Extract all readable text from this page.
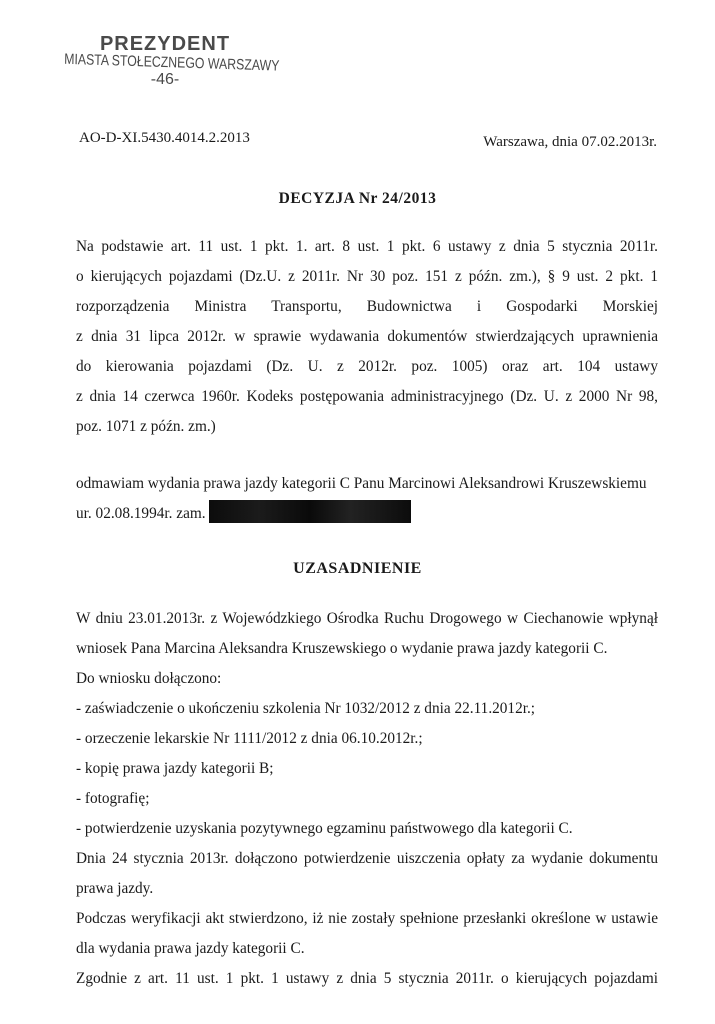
PREZYDENT
MIASTA STOŁECZNEGO WARSZAWY
-46-
AO-D-XI.5430.4014.2.2013	Warszawa, dnia 07.02.2013r.
DECYZJA Nr 24/2013
Na podstawie art. 11 ust. 1 pkt. 1. art. 8 ust. 1 pkt. 6 ustawy z dnia 5 stycznia 2011r.
o kierujących pojazdami (Dz.U. z 2011r. Nr 30 poz. 151 z późn. zm.), § 9 ust. 2 pkt. 1
rozporządzenia Ministra Transportu, Budownictwa i Gospodarki Morskiej
z dnia 31 lipca 2012r. w sprawie wydawania dokumentów stwierdzających uprawnienia
do kierowania pojazdami (Dz. U. z 2012r. poz. 1005) oraz art. 104 ustawy
z dnia 14 czerwca 1960r. Kodeks postępowania administracyjnego (Dz. U. z 2000 Nr 98,
poz. 1071 z późn. zm.)
odmawiam wydania prawa jazdy kategorii C Panu Marcinowi Aleksandrowi Kruszewskiemu
ur. 02.08.1994r. zam.
UZASADNIENIE
W dniu 23.01.2013r. z Wojewódzkiego Ośrodka Ruchu Drogowego w Ciechanowie wpłynął
wniosek Pana Marcina Aleksandra Kruszewskiego o wydanie prawa jazdy kategorii C.
Do wniosku dołączono:
- zaświadczenie o ukończeniu szkolenia Nr 1032/2012 z dnia 22.11.2012r.;
- orzeczenie lekarskie Nr 1111/2012 z dnia 06.10.2012r.;
- kopię prawa jazdy kategorii B;
- fotografię;
- potwierdzenie uzyskania pozytywnego egzaminu państwowego dla kategorii C.
Dnia 24 stycznia 2013r. dołączono potwierdzenie uiszczenia opłaty za wydanie dokumentu
prawa jazdy.
Podczas weryfikacji akt stwierdzono, iż nie zostały spełnione przesłanki określone w ustawie
dla wydania prawa jazdy kategorii C.
Zgodnie z art. 11 ust. 1 pkt. 1 ustawy z dnia 5 stycznia 2011r. o kierujących pojazdami
